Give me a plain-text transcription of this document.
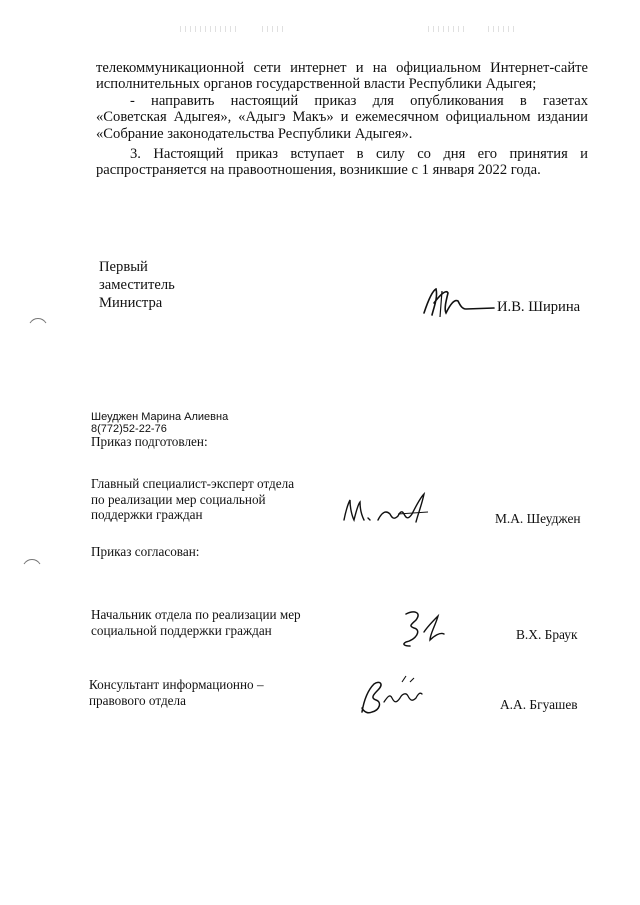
телекоммуникационной сети интернет и на официальном Интернет-сайте
исполнительных органов государственной власти Республики Адыгея;

- направить настоящий приказ для опубликования в газетах
«Советская Адыгея», «Адыгэ Макъ» и ежемесячном официальном издании
«Собрание законодательства Республики Адыгея».

3. Настоящий приказ вступает в силу со дня его принятия и
распространяется на правоотношения, возникшие с 1 января 2022 года.

Первый
заместитель
Министра	И.В. Ширина
Шеуджен Марина Алиевна
8(772)52-22-76
Приказ подготовлен:
Главный специалист-эксперт отдела
по реализации мер социальной
поддержки граждан	М.А. Шеуджен
Приказ согласован:
Начальник отдела по реализации мер
социальной поддержки граждан	В.Х. Браук
Консультант информационно –
правового отдела	А.А. Бгуашев
